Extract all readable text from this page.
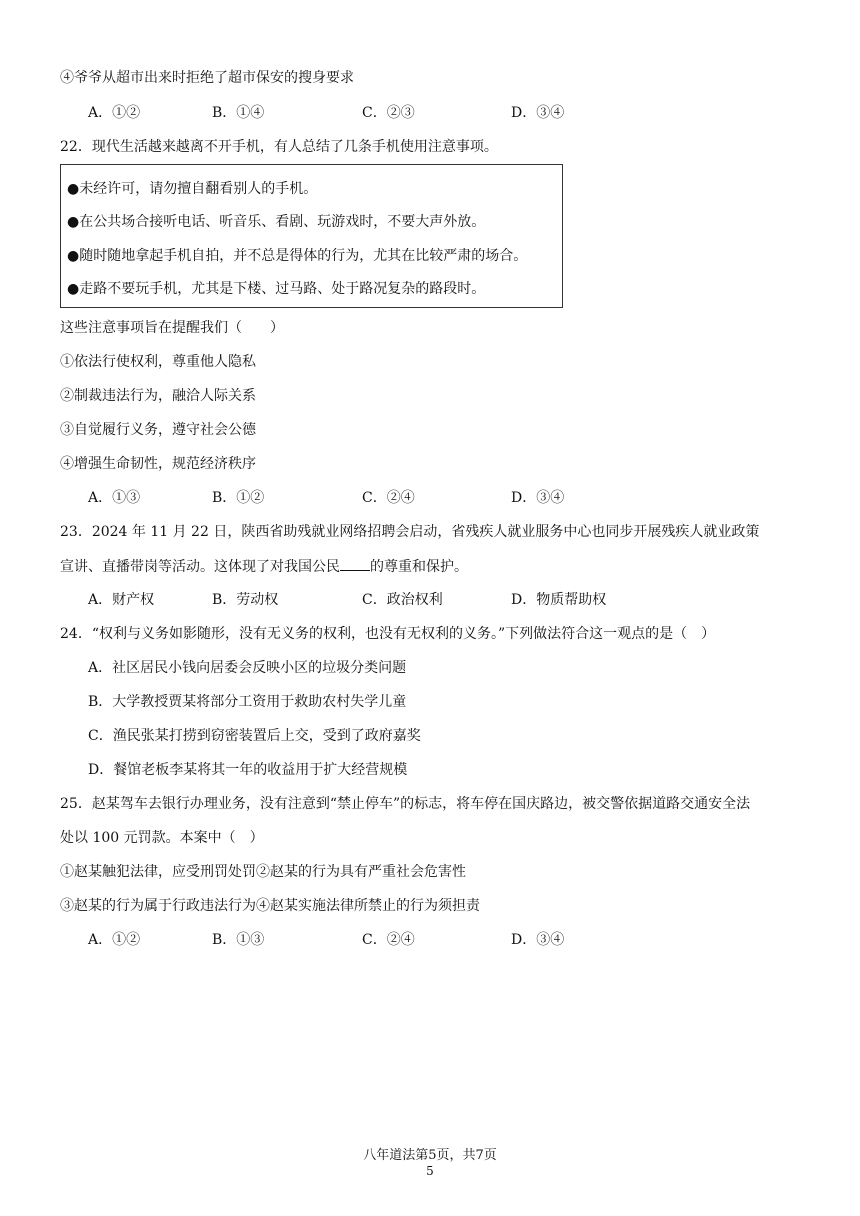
④爷爷从超市出来时拒绝了超市保安的搜身要求
A．①②	B．①④	C．②③	D．③④
22．现代生活越来越离不开手机，有人总结了几条手机使用注意事项。
●未经许可，请勿擅自翻看别人的手机。
●在公共场合接听电话、听音乐、看剧、玩游戏时，不要大声外放。
●随时随地拿起手机自拍，并不总是得体的行为，尤其在比较严肃的场合。
●走路不要玩手机，尤其是下楼、过马路、处于路况复杂的路段时。
这些注意事项旨在提醒我们（　　）
①依法行使权利，尊重他人隐私
②制裁违法行为，融洽人际关系
③自觉履行义务，遵守社会公德
④增强生命韧性，规范经济秩序
A．①③	B．①②	C．②④	D．③④
23．2024 年 11 月 22 日，陕西省助残就业网络招聘会启动，省残疾人就业服务中心也同步开展残疾人就业政策
宣讲、直播带岗等活动。这体现了对我国公民 的尊重和保护。
A．财产权	B．劳动权	C．政治权利	D．物质帮助权
24．“权利与义务如影随形，没有无义务的权利，也没有无权利的义务。”下列做法符合这一观点的是（　）
A．社区居民小钱向居委会反映小区的垃圾分类问题
B．大学教授贾某将部分工资用于救助农村失学儿童
C．渔民张某打捞到窃密装置后上交，受到了政府嘉奖
D．餐馆老板李某将其一年的收益用于扩大经营规模
25．赵某驾车去银行办理业务，没有注意到“禁止停车”的标志，将车停在国庆路边，被交警依据道路交通安全法
处以 100 元罚款。本案中（　）
①赵某触犯法律，应受刑罚处罚②赵某的行为具有严重社会危害性
③赵某的行为属于行政违法行为④赵某实施法律所禁止的行为须担责
A．①②	B．①③	C．②④	D．③④
八年道法第5页，共7页
5
